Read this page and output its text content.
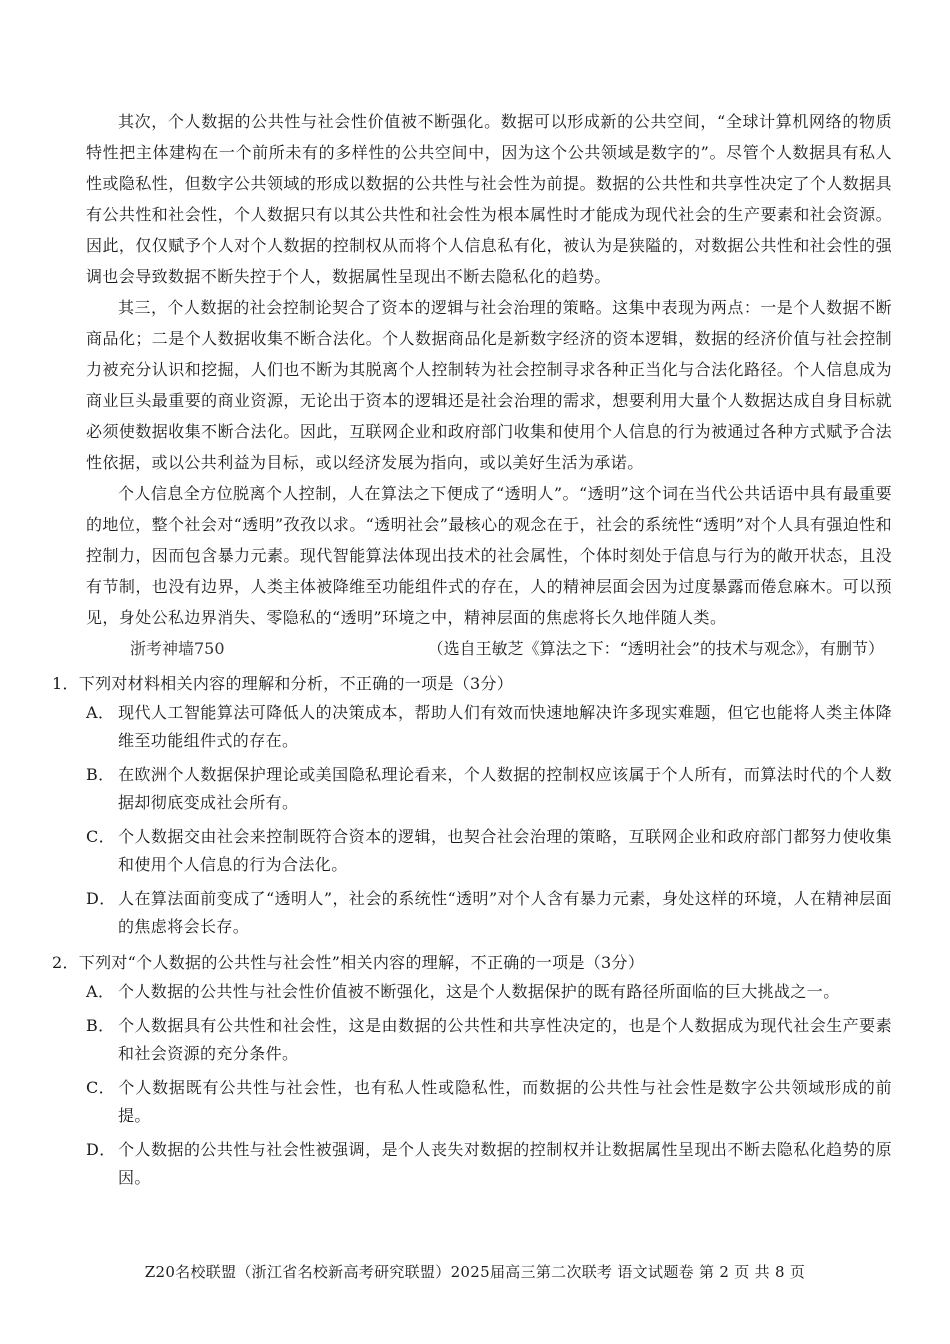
其次，个人数据的公共性与社会性价值被不断强化。数据可以形成新的公共空间，“全球计算机网络的物质特性把主体建构在一个前所未有的多样性的公共空间中，因为这个公共领域是数字的”。尽管个人数据具有私人性或隐私性，但数字公共领域的形成以数据的公共性与社会性为前提。数据的公共性和共享性决定了个人数据具有公共性和社会性，个人数据只有以其公共性和社会性为根本属性时才能成为现代社会的生产要素和社会资源。因此，仅仅赋予个人对个人数据的控制权从而将个人信息私有化，被认为是狭隘的，对数据公共性和社会性的强调也会导致数据不断失控于个人，数据属性呈现出不断去隐私化的趋势。

其三，个人数据的社会控制论契合了资本的逻辑与社会治理的策略。这集中表现为两点：一是个人数据不断商品化；二是个人数据收集不断合法化。个人数据商品化是新数字经济的资本逻辑，数据的经济价值与社会控制力被充分认识和挖掘，人们也不断为其脱离个人控制转为社会控制寻求各种正当化与合法化路径。个人信息成为商业巨头最重要的商业资源，无论出于资本的逻辑还是社会治理的需求，想要利用大量个人数据达成自身目标就必须使数据收集不断合法化。因此，互联网企业和政府部门收集和使用个人信息的行为被通过各种方式赋予合法性依据，或以公共利益为目标，或以经济发展为指向，或以美好生活为承诺。

个人信息全方位脱离个人控制，人在算法之下便成了“透明人”。“透明”这个词在当代公共话语中具有最重要的地位，整个社会对“透明”孜孜以求。“透明社会”最核心的观念在于，社会的系统性“透明”对个人具有强迫性和控制力，因而包含暴力元素。现代智能算法体现出技术的社会属性，个体时刻处于信息与行为的敞开状态，且没有节制，也没有边界，人类主体被降维至功能组件式的存在，人的精神层面会因为过度暴露而倦怠麻木。可以预见，身处公私边界消失、零隐私的“透明”环境之中，精神层面的焦虑将长久地伴随人类。

浙考神墙750	（选自王敏芝《算法之下：“透明社会”的技术与观念》，有删节）

1．下列对材料相关内容的理解和分析，不正确的一项是（3分）

A． 现代人工智能算法可降低人的决策成本，帮助人们有效而快速地解决许多现实难题，但它也能将人类主体降维至功能组件式的存在。

B． 在欧洲个人数据保护理论或美国隐私理论看来，个人数据的控制权应该属于个人所有，而算法时代的个人数据却彻底变成社会所有。

C． 个人数据交由社会来控制既符合资本的逻辑，也契合社会治理的策略，互联网企业和政府部门都努力使收集和使用个人信息的行为合法化。

D． 人在算法面前变成了“透明人”，社会的系统性“透明”对个人含有暴力元素，身处这样的环境，人在精神层面的焦虑将会长存。

2．下列对“个人数据的公共性与社会性”相关内容的理解，不正确的一项是（3分）

A． 个人数据的公共性与社会性价值被不断强化，这是个人数据保护的既有路径所面临的巨大挑战之一。

B． 个人数据具有公共性和社会性，这是由数据的公共性和共享性决定的，也是个人数据成为现代社会生产要素和社会资源的充分条件。

C． 个人数据既有公共性与社会性，也有私人性或隐私性，而数据的公共性与社会性是数字公共领域形成的前提。

D． 个人数据的公共性与社会性被强调，是个人丧失对数据的控制权并让数据属性呈现出不断去隐私化趋势的原因。

Z20名校联盟（浙江省名校新高考研究联盟）2025届高三第二次联考 语文试题卷 第 2 页 共 8 页
